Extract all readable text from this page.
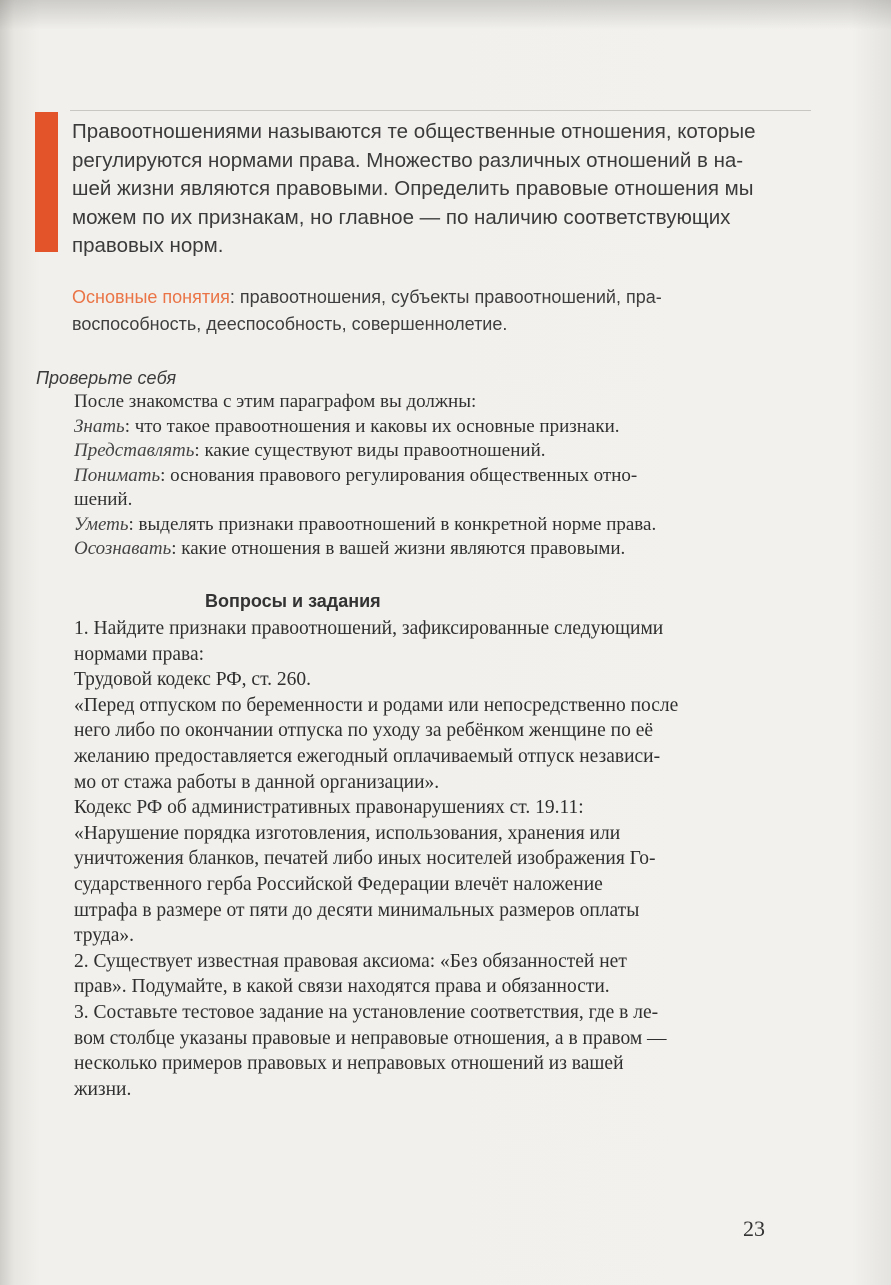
Правоотношениями называются те общественные отношения, которые
регулируются нормами права. Множество различных отношений в на-
шей жизни являются правовыми. Определить правовые отношения мы
можем по их признакам, но главное — по наличию соответствующих
правовых норм.
Основные понятия: правоотношения, субъекты правоотношений, пра-
воспособность, дееспособность, совершеннолетие.
Проверьте себя
После знакомства с этим параграфом вы должны:
Знать: что такое правоотношения и каковы их основные признаки.
Представлять: какие существуют виды правоотношений.
Понимать: основания правового регулирования общественных отно-
шений.
Уметь: выделять признаки правоотношений в конкретной норме права.
Осознавать: какие отношения в вашей жизни являются правовыми.
Вопросы и задания
1. Найдите признаки правоотношений, зафиксированные следующими
нормами права:
Трудовой кодекс РФ, ст. 260.
«Перед отпуском по беременности и родами или непосредственно после
него либо по окончании отпуска по уходу за ребёнком женщине по её
желанию предоставляется ежегодный оплачиваемый отпуск независи-
мо от стажа работы в данной организации».
Кодекс РФ об административных правонарушениях ст. 19.11:
«Нарушение порядка изготовления, использования, хранения или
уничтожения бланков, печатей либо иных носителей изображения Го-
сударственного герба Российской Федерации влечёт наложение
штрафа в размере от пяти до десяти минимальных размеров оплаты
труда».
2. Существует известная правовая аксиома: «Без обязанностей нет
прав». Подумайте, в какой связи находятся права и обязанности.
3. Составьте тестовое задание на установление соответствия, где в ле-
вом столбце указаны правовые и неправовые отношения, а в правом —
несколько примеров правовых и неправовых отношений из вашей
жизни.
23
